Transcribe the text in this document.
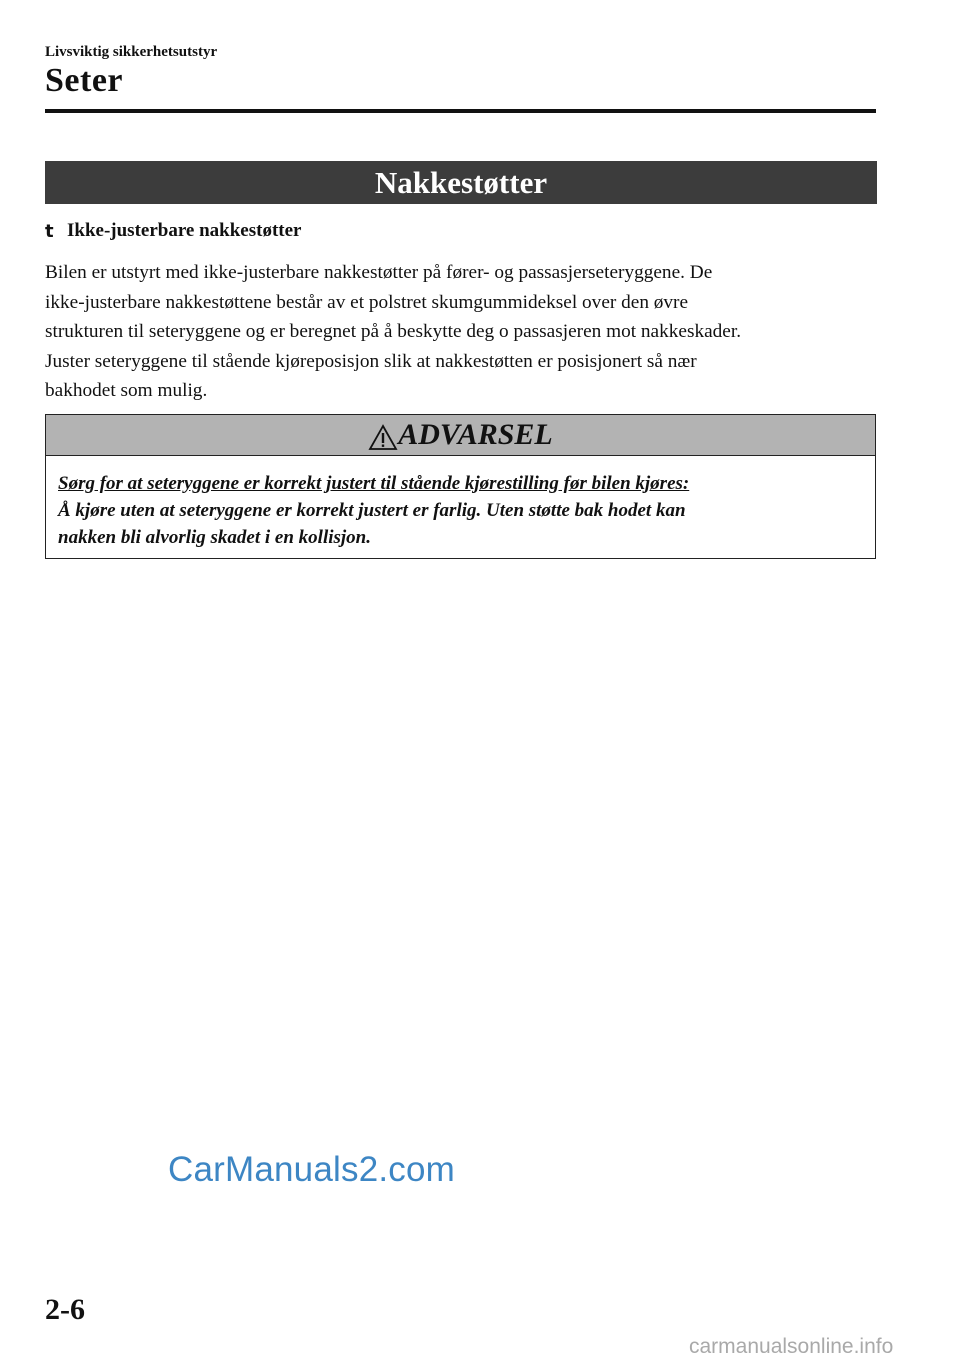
Livsviktig sikkerhetsutstyr
Seter
Nakkestøtter
t Ikke-justerbare nakkestøtter
Bilen er utstyrt med ikke-justerbare nakkestøtter på fører- og passasjerseteryggene. De
ikke-justerbare nakkestøttene består av et polstret skumgummideksel over den øvre
strukturen til seteryggene og er beregnet på å beskytte deg o passasjeren mot nakkeskader.
Juster seteryggene til stående kjøreposisjon slik at nakkestøtten er posisjonert så nær
bakhodet som mulig.
ADVARSEL
Sørg for at seteryggene er korrekt justert til stående kjørestilling før bilen kjøres:
Å kjøre uten at seteryggene er korrekt justert er farlig. Uten støtte bak hodet kan
nakken bli alvorlig skadet i en kollisjon.
CarManuals2.com
2-6
carmanualsonline.info
